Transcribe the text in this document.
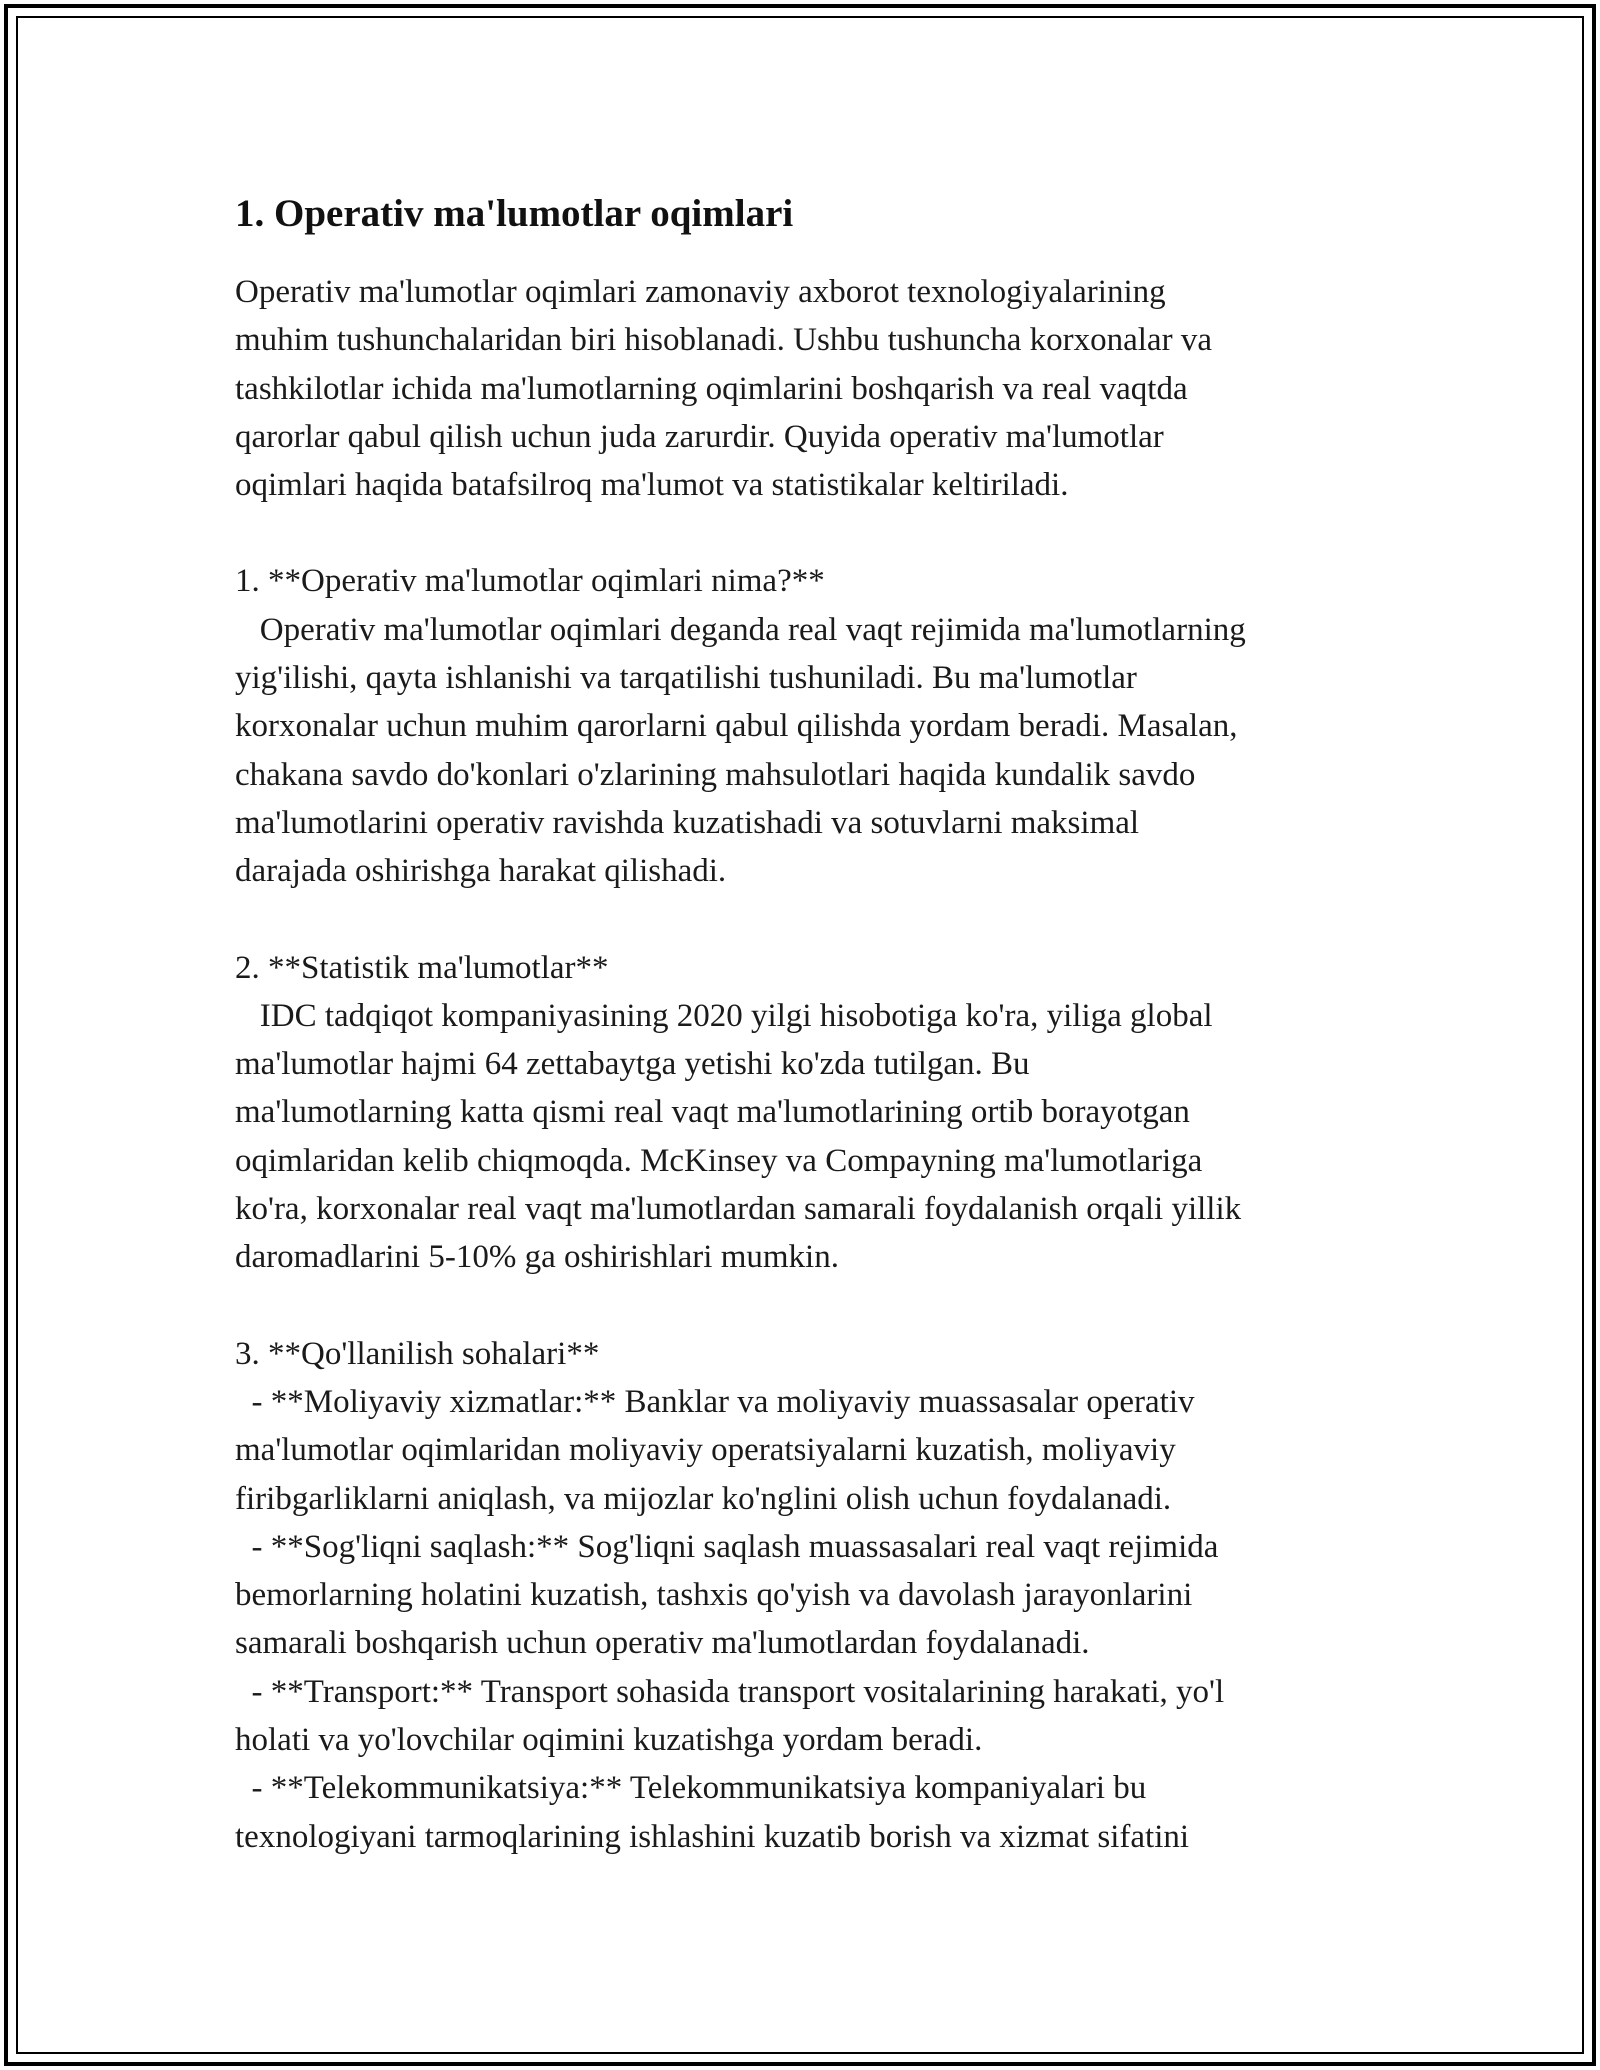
1. Operativ ma'lumotlar oqimlari

Operativ ma'lumotlar oqimlari zamonaviy axborot texnologiyalarining
muhim tushunchalaridan biri hisoblanadi. Ushbu tushuncha korxonalar va
tashkilotlar ichida ma'lumotlarning oqimlarini boshqarish va real vaqtda
qarorlar qabul qilish uchun juda zarurdir. Quyida operativ ma'lumotlar
oqimlari haqida batafsilroq ma'lumot va statistikalar keltiriladi.

1. **Operativ ma'lumotlar oqimlari nima?**

Operativ ma'lumotlar oqimlari deganda real vaqt rejimida ma'lumotlarning
yig'ilishi, qayta ishlanishi va tarqatilishi tushuniladi. Bu ma'lumotlar
korxonalar uchun muhim qarorlarni qabul qilishda yordam beradi. Masalan,
chakana savdo do'konlari o'zlarining mahsulotlari haqida kundalik savdo
ma'lumotlarini operativ ravishda kuzatishadi va sotuvlarni maksimal
darajada oshirishga harakat qilishadi.

2. **Statistik ma'lumotlar**

IDC tadqiqot kompaniyasining 2020 yilgi hisobotiga ko'ra, yiliga global
ma'lumotlar hajmi 64 zettabaytga yetishi ko'zda tutilgan. Bu
ma'lumotlarning katta qismi real vaqt ma'lumotlarining ortib borayotgan
oqimlaridan kelib chiqmoqda. McKinsey va Compayning ma'lumotlariga
ko'ra, korxonalar real vaqt ma'lumotlardan samarali foydalanish orqali yillik
daromadlarini 5-10% ga oshirishlari mumkin.

3. **Qo'llanilish sohalari**

- **Moliyaviy xizmatlar:** Banklar va moliyaviy muassasalar operativ
ma'lumotlar oqimlaridan moliyaviy operatsiyalarni kuzatish, moliyaviy
firibgarliklarni aniqlash, va mijozlar ko'nglini olish uchun foydalanadi.
- **Sog'liqni saqlash:** Sog'liqni saqlash muassasalari real vaqt rejimida
bemorlarning holatini kuzatish, tashxis qo'yish va davolash jarayonlarini
samarali boshqarish uchun operativ ma'lumotlardan foydalanadi.
- **Transport:** Transport sohasida transport vositalarining harakati, yo'l
holati va yo'lovchilar oqimini kuzatishga yordam beradi.
- **Telekommunikatsiya:** Telekommunikatsiya kompaniyalari bu
texnologiyani tarmoqlarining ishlashini kuzatib borish va xizmat sifatini
